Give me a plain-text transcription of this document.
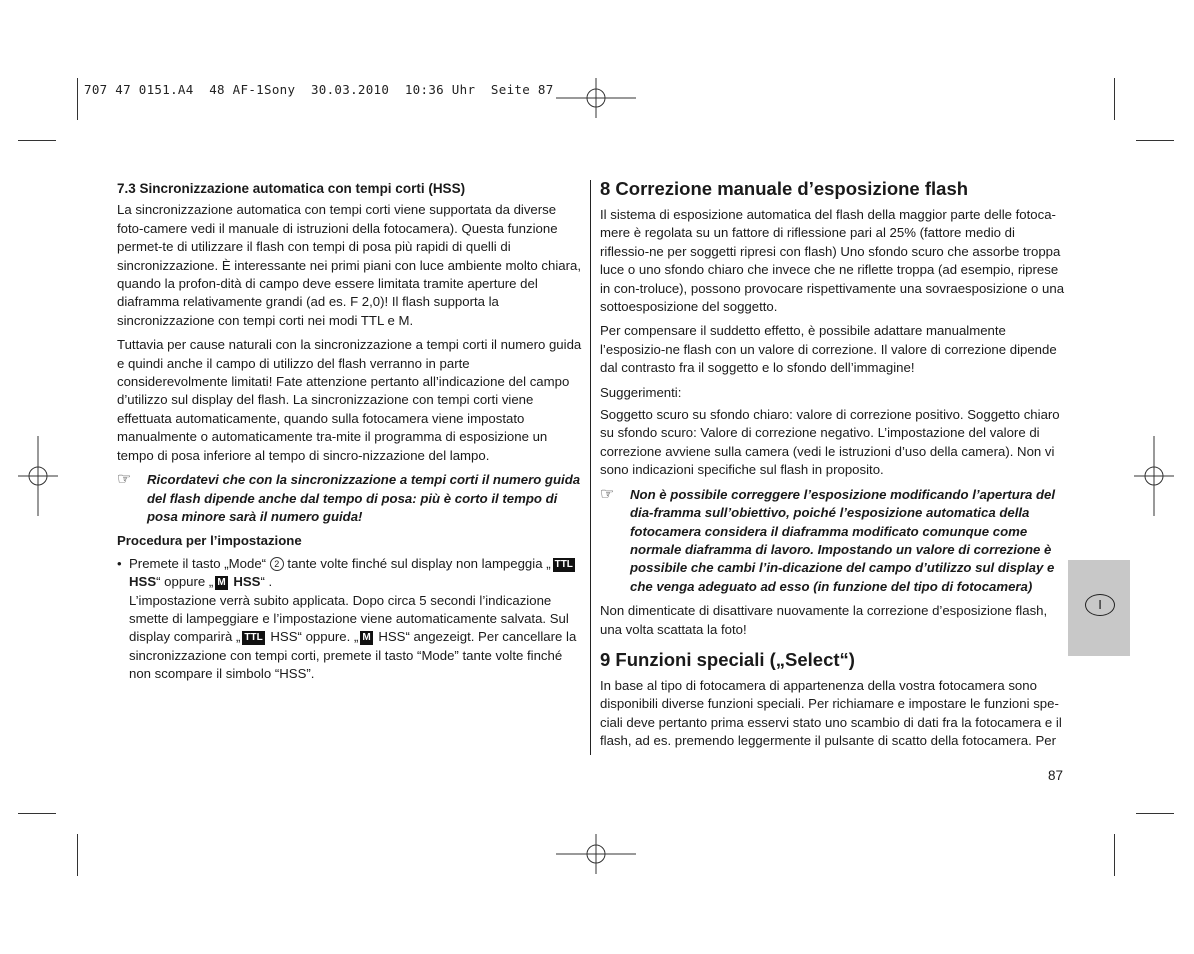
707 47 0151.A4  48 AF-1Sony  30.03.2010  10:36 Uhr  Seite 87
7.3 Sincronizzazione automatica con tempi corti (HSS)

La sincronizzazione automatica con tempi corti viene supportata da diverse foto-camere vedi il manuale di istruzioni della fotocamera). Questa funzione permet-te di utilizzare il flash con tempi di posa più rapidi di quelli di sincronizzazione. È interessante nei primi piani con luce ambiente molto chiara, quando la profon-dità di campo deve essere limitata tramite aperture del diaframma relativamente grandi (ad es. F 2,0)! Il flash supporta la sincronizzazione con tempi corti nei modi TTL e M.

Tuttavia per cause naturali con la sincronizzazione a tempi corti il numero guida e quindi anche il campo di utilizzo del flash verranno in parte considerevolmente limitati! Fate attenzione pertanto all’indicazione del campo d’utilizzo sul display del flash. La sincronizzazione con tempi corti viene effettuata automaticamente, quando sulla fotocamera viene impostato manualmente o automaticamente tra-mite il programma di esposizione un tempo di posa inferiore al tempo di sincro-nizzazione del lampo.

☞	Ricordatevi che con la sincronizzazione a tempi corti il numero guida del flash dipende anche dal tempo di posa: più è corto il tempo di posa minore sarà il numero guida!
Procedura per l’impostazione
• Premete il tasto „Mode“ 2 tante volte finché sul display non lampeggia „ TTL HSS“ oppure „ M HSS“ .

L’impostazione verrà subito applicata. Dopo circa 5 secondi l’indicazione smette di lampeggiare e l’impostazione viene automaticamente salvata. Sul display comparirà „ TTL HSS“ oppure. „ M HSS“ angezeigt. Per cancellare la sincronizzazione con tempi corti, premete il tasto “Mode” tante volte finché non scompare il simbolo “HSS”.

8 Correzione manuale d’esposizione flash

Il sistema di esposizione automatica del flash della maggior parte delle fotoca-mere è regolata su un fattore di riflessione pari al 25% (fattore medio di riflessio-ne per soggetti ripresi con flash) Uno sfondo scuro che assorbe troppa luce o uno sfondo chiaro che invece che ne riflette troppa (ad esempio, riprese in con-troluce), possono provocare rispettivamente una sovraesposizione o una sottoesposizione del soggetto.

Per compensare il suddetto effetto, è possibile adattare manualmente l’esposizio-ne flash con un valore di correzione. Il valore di correzione dipende dal contrasto fra il soggetto e lo sfondo dell’immagine!

Suggerimenti:

Soggetto scuro su sfondo chiaro: valore di correzione positivo. Soggetto chiaro su sfondo scuro: Valore di correzione negativo. L’impostazione del valore di correzione avviene sulla camera (vedi le istruzioni d’uso della camera). Non vi sono indicazioni specifiche sul flash in proposito.

☞	Non è possibile correggere l’esposizione modificando l’apertura del dia-framma sull’obiettivo, poiché l’esposizione automatica della fotocamera considera il diaframma modificato comunque come normale diaframma di lavoro. Impostando un valore di correzione è possibile che cambi l’in-dicazione del campo d’utilizzo sul display e che venga adeguato ad esso (in funzione del tipo di fotocamera)

Non dimenticate di disattivare nuovamente la correzione d’esposizione flash, una volta scattata la foto!

9 Funzioni speciali („Select“)

In base al tipo di fotocamera di appartenenza della vostra fotocamera sono disponibili diverse funzioni speciali. Per richiamare e impostare le funzioni spe-ciali deve pertanto prima esservi stato uno scambio di dati fra la fotocamera e il flash, ad es. premendo leggermente il pulsante di scatto della fotocamera. Per

I
87
